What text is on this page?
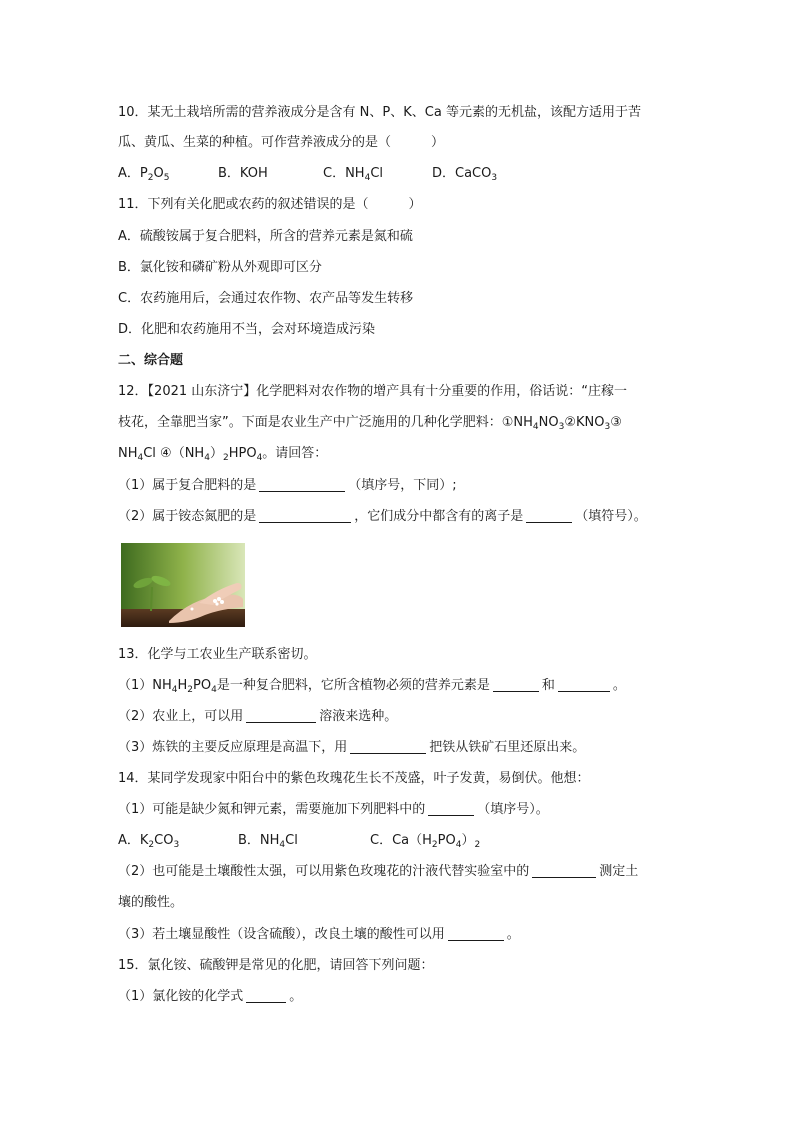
10．某无土栽培所需的营养液成分是含有 N、P、K、Ca 等元素的无机盐，该配方适用于苦
瓜、黄瓜、生菜的种植。可作营养液成分的是（	）
A．$P_2O_5$	B．KOH	C．$NH_4Cl$	D．CaCO$_3$
11．下列有关化肥或农药的叙述错误的是（	）
A．硫酸铵属于复合肥料，所含的营养元素是氮和硫
B．氯化铵和磷矿粉从外观即可区分
C．农药施用后，会通过农作物、农产品等发生转移
D．化肥和农药施用不当，会对环境造成污染
二、综合题
12．【2021 山东济宁】化学肥料对农作物的增产具有十分重要的作用，俗话说：“庄稼一
枝花，全靠肥当家”。下面是农业生产中广泛施用的几种化学肥料：$①NH_4NO_3②KNO_3③$
$NH_4Cl$ $④(NH_4)_2HPO_4$。请回答：
（1）属于复合肥料的是	（填序号，下同）;
（2）属于铵态氮肥的是	，它们成分中都含有的离子是	（填符号）。
13．化学与工农业生产联系密切。
$(1)NH_4H_2PO_4$是一种复合肥料，它所含植物必须的营养元素是	和	。
（2）农业上，可以用	溶液来选种。
（3）炼铁的主要反应原理是高温下，用	把铁从铁矿石里还原出来。
14．某同学发现家中阳台中的紫色玫瑰花生长不茂盛，叶子发黄，易倒伏。他想：
（1）可能是缺少氮和钾元素，需要施加下列肥料中的	（填序号）。
A．$K_2CO_3$	B．$NH_4Cl$	C．$Ca(H_2PO_4)_2$
（2）也可能是土壤酸性太强，可以用紫色玫瑰花的汁液代替实验室中的	测定土
壤的酸性。
（3）若土壤显酸性（设含硫酸），改良土壤的酸性可以用	。
15．氯化铵、硫酸钾是常见的化肥，请回答下列问题：
（1）氯化铵的化学式	。
